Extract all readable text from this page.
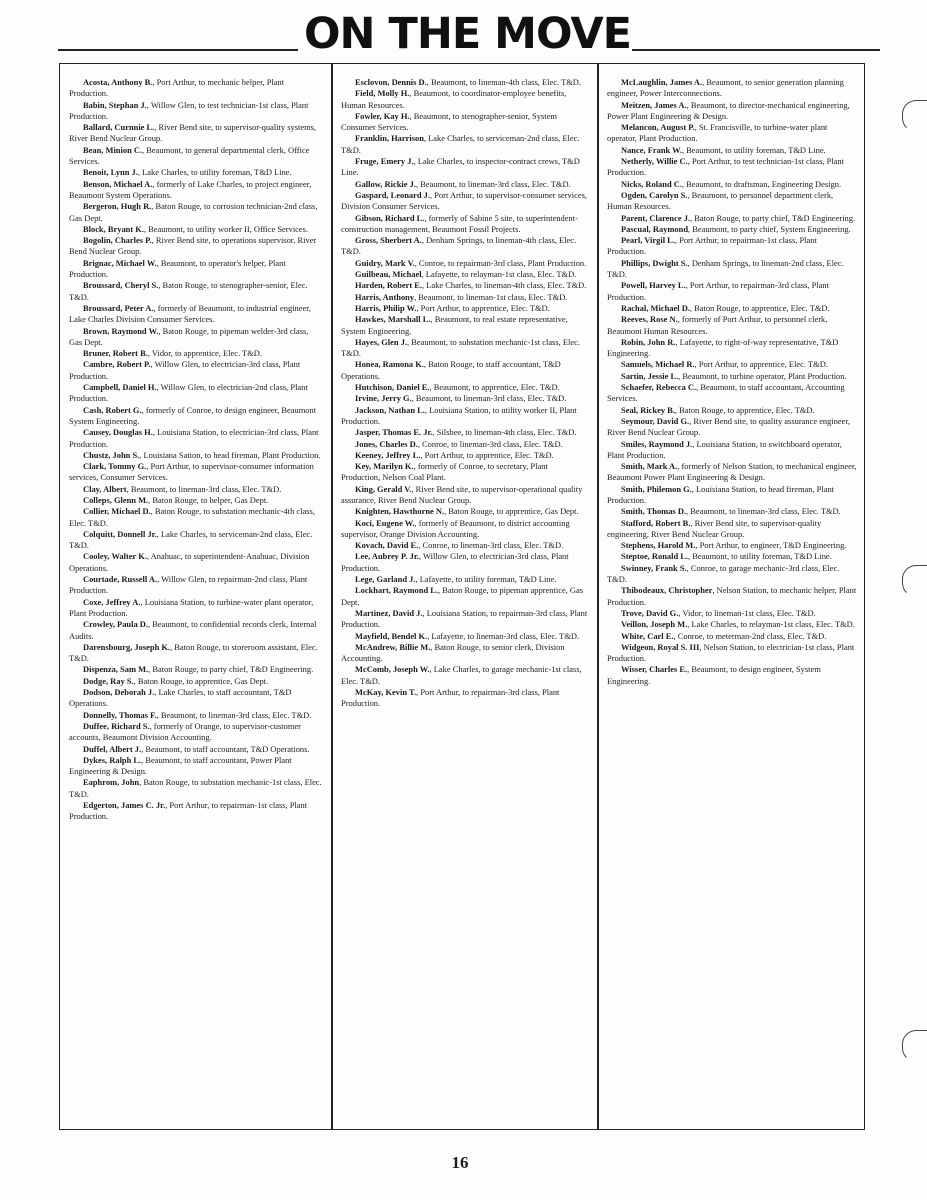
ON THE MOVE

Acosta, Anthony B., Port Arthur, to mechanic helper, Plant Production.

Babin, Stephan J., Willow Glen, to test technician-1st class, Plant Production.

Ballard, Curnnie L., River Bend site, to supervisor-quality systems, River Bend Nuclear Group.

Bean, Minion C., Beaumont, to general departmental clerk, Office Services.

Benoit, Lynn J., Lake Charles, to utility foreman, T&D Line.

Benson, Michael A., formerly of Lake Charles, to project engineer, Beaumont System Operations.

Bergeron, Hugh R., Baton Rouge, to corrosion technician-2nd class, Gas Dept.

Block, Bryant K., Beaumont, to utility worker II, Office Services.

Bogolin, Charles P., River Bend site, to operations supervisor, River Bend Nuclear Group.

Brignac, Michael W., Beaumont, to operator's helper, Plant Production.

Broussard, Cheryl S., Baton Rouge, to stenographer-senior, Elec. T&D.

Broussard, Peter A., formerly of Beaumont, to industrial engineer, Lake Charles Division Consumer Services.

Brown, Raymond W., Baton Rouge, to pipeman welder-3rd class, Gas Dept.

Bruner, Robert B., Vidor, to apprentice, Elec. T&D.

Cambre, Robert P., Willow Glen, to electrician-3rd class, Plant Production.

Campbell, Daniel H., Willow Glen, to electrician-2nd class, Plant Production.

Cash, Robert G., formerly of Conroe, to design engineer, Beaumont System Engineering.

Causey, Douglas H., Louisiana Station, to electrician-3rd class, Plant Production.

Chustz, John S., Louisiana Sation, to head fireman, Plant Production.

Clark, Tommy G., Port Arthur, to supervisor-consumer information services, Consumer Services.

Clay, Albert, Beaumont, to lineman-3rd class, Elec. T&D.

Colleps, Glenn M., Baton Rouge, to helper, Gas Dept.

Collier, Michael D., Baton Rouge, to substation mechanic-4th class, Elec. T&D.

Colquitt, Donnell Jr., Lake Charles, to serviceman-2nd class, Elec. T&D.

Cooley, Walter K., Anahuac, to superintendent-Anahuac, Division Operations.

Courtade, Russell A., Willow Glen, to repairman-2nd class, Plant Production.

Coxe, Jeffrey A., Louisiana Station, to turbine-water plant operator, Plant Production.

Crowley, Paula D., Beaumont, to confidential records clerk, Internal Audits.

Darensbourg, Joseph K., Baton Rouge, to storeroom assistant, Elec. T&D.

Dispenza, Sam M., Baton Rouge, to party chief, T&D Engineering.

Dodge, Ray S., Baton Rouge, to apprentice, Gas Dept.

Dodson, Deborah J., Lake Charles, to staff accountant, T&D Operations.

Donnelly, Thomas F., Beaumont, to lineman-3rd class, Elec. T&D.

Duffee, Richard S., formerly of Orange, to supervisor-customer accounts, Beaumont Division Accounting.

Duffel, Albert J., Beaumont, to staff accountant, T&D Operations.

Dykes, Ralph L., Beaumont, to staff accountant, Power Plant Engineering & Design.

Eaphrom, John, Baton Rouge, to substation mechanic-1st class, Elec. T&D.

Edgerton, James C. Jr., Port Arthur, to repairman-1st class, Plant Production.

Esclovon, Dennis D., Beaumont, to lineman-4th class, Elec. T&D.

Field, Molly H., Beaumont, to coordinator-employee benefits, Human Resources.

Fowler, Kay H., Beaumont, to stenographer-senior, System Consumer Services.

Franklin, Harrison, Lake Charles, to serviceman-2nd class, Elec. T&D.

Fruge, Emery J., Lake Charles, to inspector-contract crews, T&D Line.

Gallow, Rickie J., Beaumont, to lineman-3rd class, Elec. T&D.

Gaspard, Leonard J., Port Arthur, to supervisor-consumer services, Division Consumer Services.

Gibson, Richard L., formerly of Sabine 5 site, to superintendent-construction management, Beaumont Fossil Projects.

Gross, Sherbert A., Denham Springs, to lineman-4th class, Elec. T&D.

Guidry, Mark V., Conroe, to repairman-3rd class, Plant Production.

Guilbeau, Michael, Lafayette, to relayman-1st class, Elec. T&D.

Harden, Robert E., Lake Charles, to lineman-4th class, Elec. T&D.

Harris, Anthony, Beaumont, to lineman-1st class, Elec. T&D.

Harris, Philip W., Port Arthur, to apprentice, Elec. T&D.

Hawkes, Marshall L., Beaumont, to real estate representative, System Engineering.

Hayes, Glen J., Beaumont, to substation mechanic-1st class, Elec. T&D.

Honea, Ramona K., Baton Rouge, to staff accountant, T&D Operations.

Hutchison, Daniel E., Beaumont, to apprentice, Elec. T&D.

Irvine, Jerry G., Beaumont, to lineman-3rd class, Elec. T&D.

Jackson, Nathan L., Louisiana Station, to utility worker II, Plant Production.

Jasper, Thomas E. Jr., Silsbee, to lineman-4th class, Elec. T&D.

Jones, Charles D., Conroe, to lineman-3rd class, Elec. T&D.

Keeney, Jeffrey L., Port Arthur, to apprentice, Elec. T&D.

Key, Marilyn K., formerly of Conroe, to secretary, Plant Production, Nelson Coal Plant.

King, Gerald V., River Bend site, to supervisor-operational quality assurance, River Bend Nuclear Group.

Knighten, Hawthorne N., Baton Rouge, to apprentice, Gas Dept.

Koci, Eugene W., formerly of Beaumont, to district accounting supervisor, Orange Division Accounting.

Kovach, David E., Conroe, to lineman-3rd class, Elec. T&D.

Lee, Aubrey P. Jr., Willow Glen, to electrician-3rd class, Plant Production.

Lege, Garland J., Lafayette, to utility foreman, T&D Line.

Lockhart, Raymond L., Baton Rouge, to pipeman apprentice, Gas Dept.

Martinez, David J., Louisiana Station, to repairman-3rd class, Plant Production.

Mayfield, Bendel K., Lafayette, to lineman-3rd class, Elec. T&D.

McAndrew, Billie M., Baton Rouge, to senior clerk, Division Accounting.

McComb, Joseph W., Lake Charles, to garage mechanic-1st class, Elec. T&D.

McKay, Kevin T., Port Arthur, to repairman-3rd class, Plant Production.

McLaughlin, James A., Beaumont, to senior generation planning engineer, Power Interconnections.

Meitzen, James A., Beaumont, to director-mechanical engineering, Power Plant Engineering & Design.

Melancon, August P., St. Francisville, to turbine-water plant operator, Plant Production.

Nance, Frank W., Beaumont, to utility foreman, T&D Line.

Netherly, Willie C., Port Arthur, to test technician-1st class, Plant Production.

Nicks, Roland C., Beaumont, to draftsman, Engineering Design.

Ogden, Carolyn S., Beaumont, to personnel department clerk, Human Resources.

Parent, Clarence J., Baton Rouge, to party chief, T&D Engineering.

Pascual, Raymond, Beaumont, to party chief, System Engineering.

Pearl, Virgil L., Port Arthur, to repairman-1st class, Plant Production.

Phillips, Dwight S., Denham Springs, to lineman-2nd class, Elec. T&D.

Powell, Harvey L., Port Arthur, to repairman-3rd class, Plant Production.

Rachal, Michael D., Baton Rouge, to apprentice, Elec. T&D.

Reeves, Rose N., formerly of Port Arthur, to personnel clerk, Beaumont Human Resources.

Robin, John R., Lafayette, to right-of-way representative, T&D Engineering.

Samuels, Michael R., Port Arthur, to apprentice, Elec. T&D.

Sartin, Jessie L., Beaumont, to turbine operator, Plant Production.

Schaefer, Rebecca C., Beaumont, to staff accountant, Accounting Services.

Seal, Rickey B., Baton Rouge, to apprentice, Elec. T&D.

Seymour, David G., River Bend site, to quality assurance engineer, River Bend Nuclear Group.

Smiles, Raymond J., Louisiana Station, to switchboard operator, Plant Production.

Smith, Mark A., formerly of Nelson Station, to mechanical engineer, Beaumont Power Plant Engineering & Design.

Smith, Philemon G., Louisiana Station, to head fireman, Plant Production.

Smith, Thomas D., Beaumont, to lineman-3rd class, Elec. T&D.

Stafford, Robert B., River Bend site, to supervisor-quality engineering, River Bend Nuclear Group.

Stephens, Harold M., Port Arthur, to engineer, T&D Engineering.

Steptoe, Ronald L., Beaumont, to utility foreman, T&D Line.

Swinney, Frank S., Conroe, to garage mechanic-3rd class, Elec. T&D.

Thibodeaux, Christopher, Nelson Station, to mechanic helper, Plant Production.

Trove, David G., Vidor, to lineman-1st class, Elec. T&D.

Veillon, Joseph M., Lake Charles, to relayman-1st class, Elec. T&D.

White, Carl E., Conroe, to meterman-2nd class, Elec. T&D.

Widgeon, Royal S. III, Nelson Station, to electrician-1st class, Plant Production.

Wisser, Charles E., Beaumont, to design engineer, System Engineering.

16
